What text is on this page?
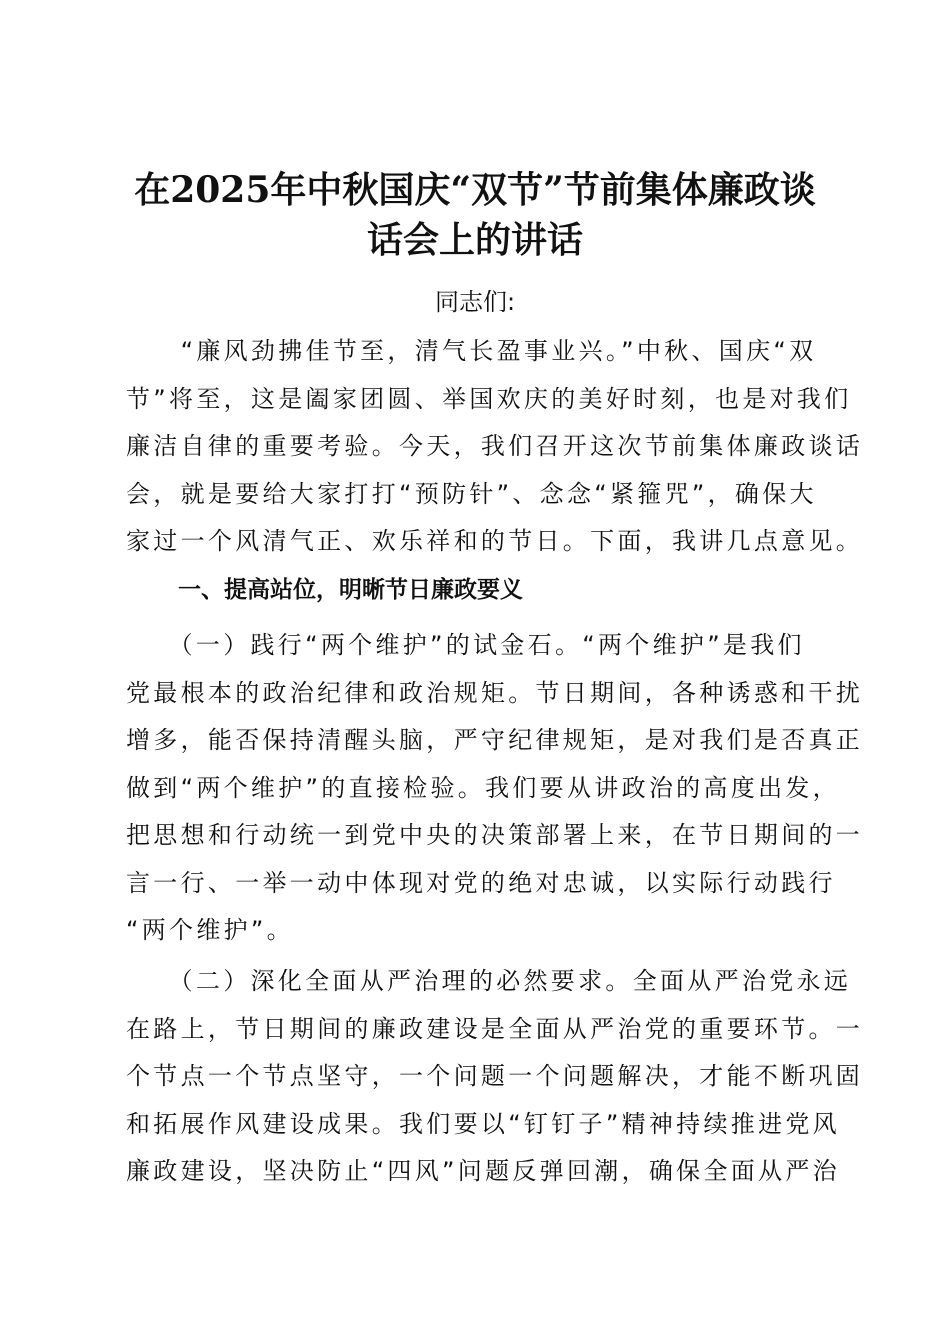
在2025年中秋国庆“双节”节前集体廉政谈
话会上的讲话

同志们:

　　“廉风劲拂佳节至，清气长盈事业兴。”中秋、国庆“双
节”将至，这是阖家团圆、举国欢庆的美好时刻，也是对我们
廉洁自律的重要考验。今天，我们召开这次节前集体廉政谈话
会，就是要给大家打打“预防针”、念念“紧箍咒”，确保大
家过一个风清气正、欢乐祥和的节日。下面，我讲几点意见。
一、提高站位，明晰节日廉政要义
　　（一）践行“两个维护”的试金石。“两个维护”是我们
党最根本的政治纪律和政治规矩。节日期间，各种诱惑和干扰
增多，能否保持清醒头脑，严守纪律规矩，是对我们是否真正
做到“两个维护”的直接检验。我们要从讲政治的高度出发，
把思想和行动统一到党中央的决策部署上来，在节日期间的一
言一行、一举一动中体现对党的绝对忠诚，以实际行动践行
“两个维护”。
　　（二）深化全面从严治理的必然要求。全面从严治党永远
在路上，节日期间的廉政建设是全面从严治党的重要环节。一
个节点一个节点坚守，一个问题一个问题解决，才能不断巩固
和拓展作风建设成果。我们要以“钉钉子”精神持续推进党风
廉政建设，坚决防止“四风”问题反弹回潮，确保全面从严治
